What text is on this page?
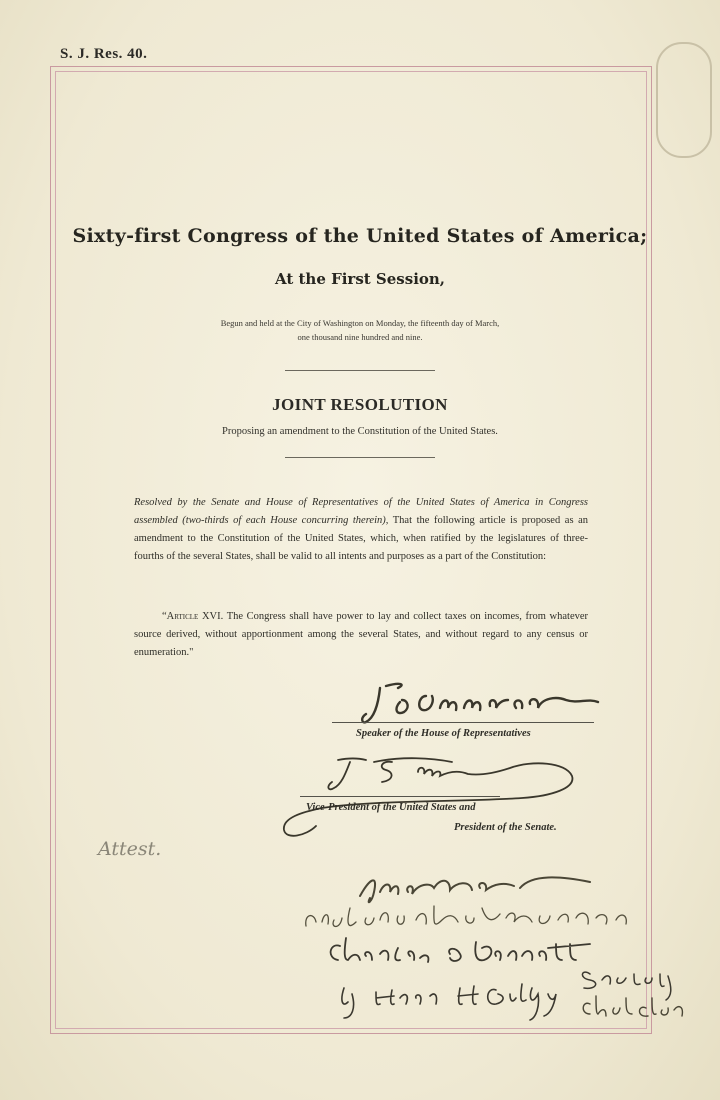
S. J. Res. 40.
Sixty-first Congress of the United States of America;
At the First Session,
Begun and held at the City of Washington on Monday, the fifteenth day of March,
one thousand nine hundred and nine.
JOINT RESOLUTION
Proposing an amendment to the Constitution of the United States.
Resolved by the Senate and House of Representatives of the United States of America in Congress assembled (two-thirds of each House concurring therein), That the following article is proposed as an amendment to the Constitution of the United States, which, when ratified by the legislatures of three-fourths of the several States, shall be valid to all intents and purposes as a part of the Constitution:
“Article XVI. The Congress shall have power to lay and collect taxes on incomes, from whatever source derived, without apportionment among the several States, and without regard to any census or enumeration."
Speaker of the House of Representatives
Vice-President of the United States and
President of the Senate.
Attest.
